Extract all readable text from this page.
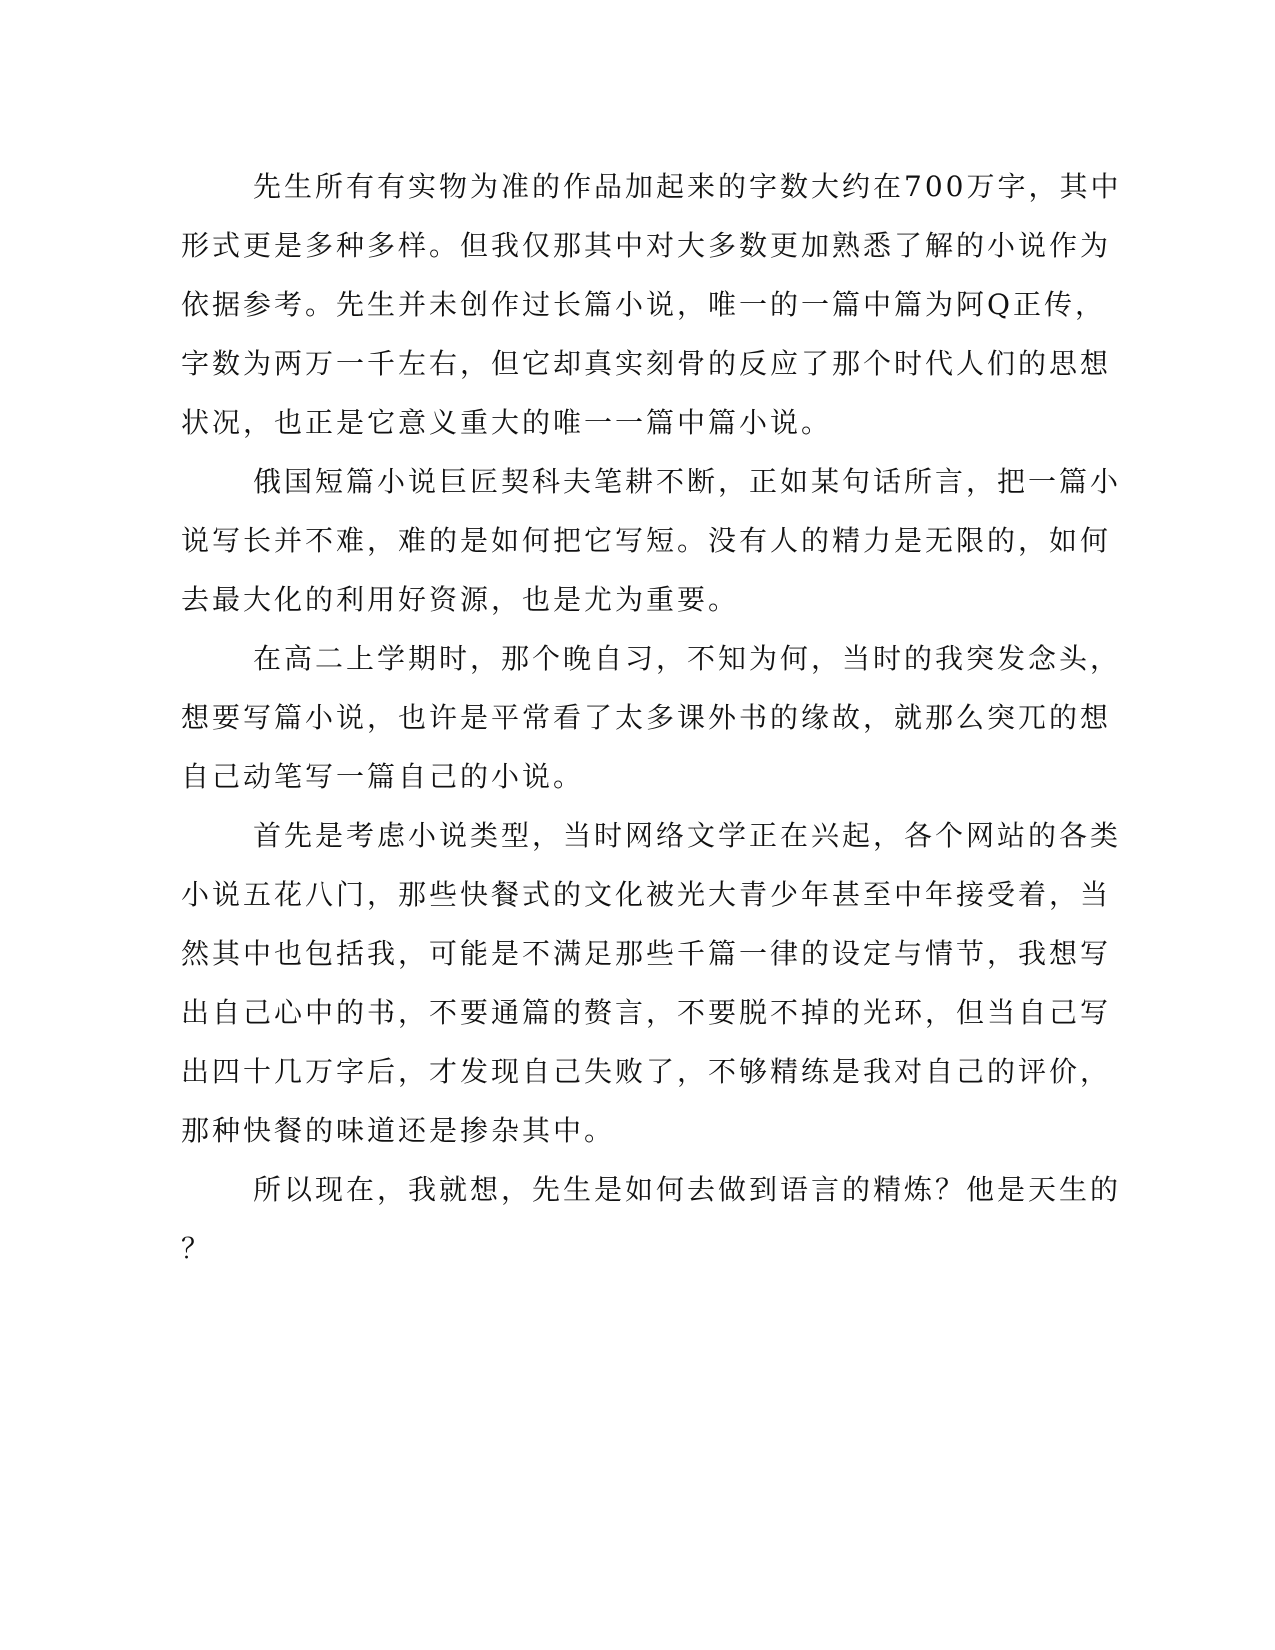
先生所有有实物为准的作品加起来的字数大约在700万字，其中
形式更是多种多样。但我仅那其中对大多数更加熟悉了解的小说作为
依据参考。先生并未创作过长篇小说，唯一的一篇中篇为阿Q正传，
字数为两万一千左右，但它却真实刻骨的反应了那个时代人们的思想
状况，也正是它意义重大的唯一一篇中篇小说。
俄国短篇小说巨匠契科夫笔耕不断，正如某句话所言，把一篇小
说写长并不难，难的是如何把它写短。没有人的精力是无限的，如何
去最大化的利用好资源，也是尤为重要。
在高二上学期时，那个晚自习，不知为何，当时的我突发念头，
想要写篇小说，也许是平常看了太多课外书的缘故，就那么突兀的想
自己动笔写一篇自己的小说。
首先是考虑小说类型，当时网络文学正在兴起，各个网站的各类
小说五花八门，那些快餐式的文化被光大青少年甚至中年接受着，当
然其中也包括我，可能是不满足那些千篇一律的设定与情节，我想写
出自己心中的书，不要通篇的赘言，不要脱不掉的光环，但当自己写
出四十几万字后，才发现自己失败了，不够精练是我对自己的评价，
那种快餐的味道还是掺杂其中。
所以现在，我就想，先生是如何去做到语言的精炼？他是天生的
？
